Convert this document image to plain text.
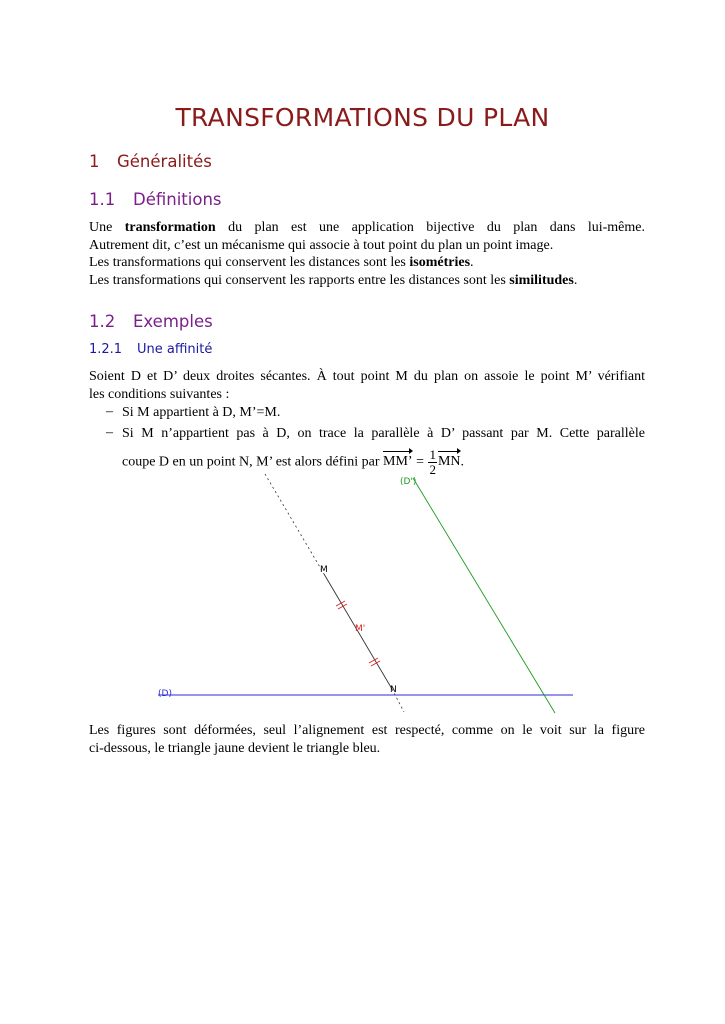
TRANSFORMATIONS DU PLAN
1 Généralités
1.1 Définitions
Une transformation du plan est une application bijective du plan dans lui-même.
Autrement dit, c’est un mécanisme qui associe à tout point du plan un point image.
Les transformations qui conservent les distances sont les isométries.
Les transformations qui conservent les rapports entre les distances sont les similitudes.
1.2 Exemples
1.2.1 Une affinité
Soient D et D’ deux droites sécantes. À tout point M du plan on assoie le point M’ vérifiant
les conditions suivantes :
– Si M appartient à D, M’=M.
– Si M n’appartient pas à D, on trace la parallèle à D’ passant par M. Cette parallèle
coupe D en un point N, M’ est alors défini par MM’ = $\frac{1}{2}$ MN.
(D)
(D')
M
M'
N
Les figures sont déformées, seul l’alignement est respecté, comme on le voit sur la figure
ci-dessous, le triangle jaune devient le triangle bleu.
